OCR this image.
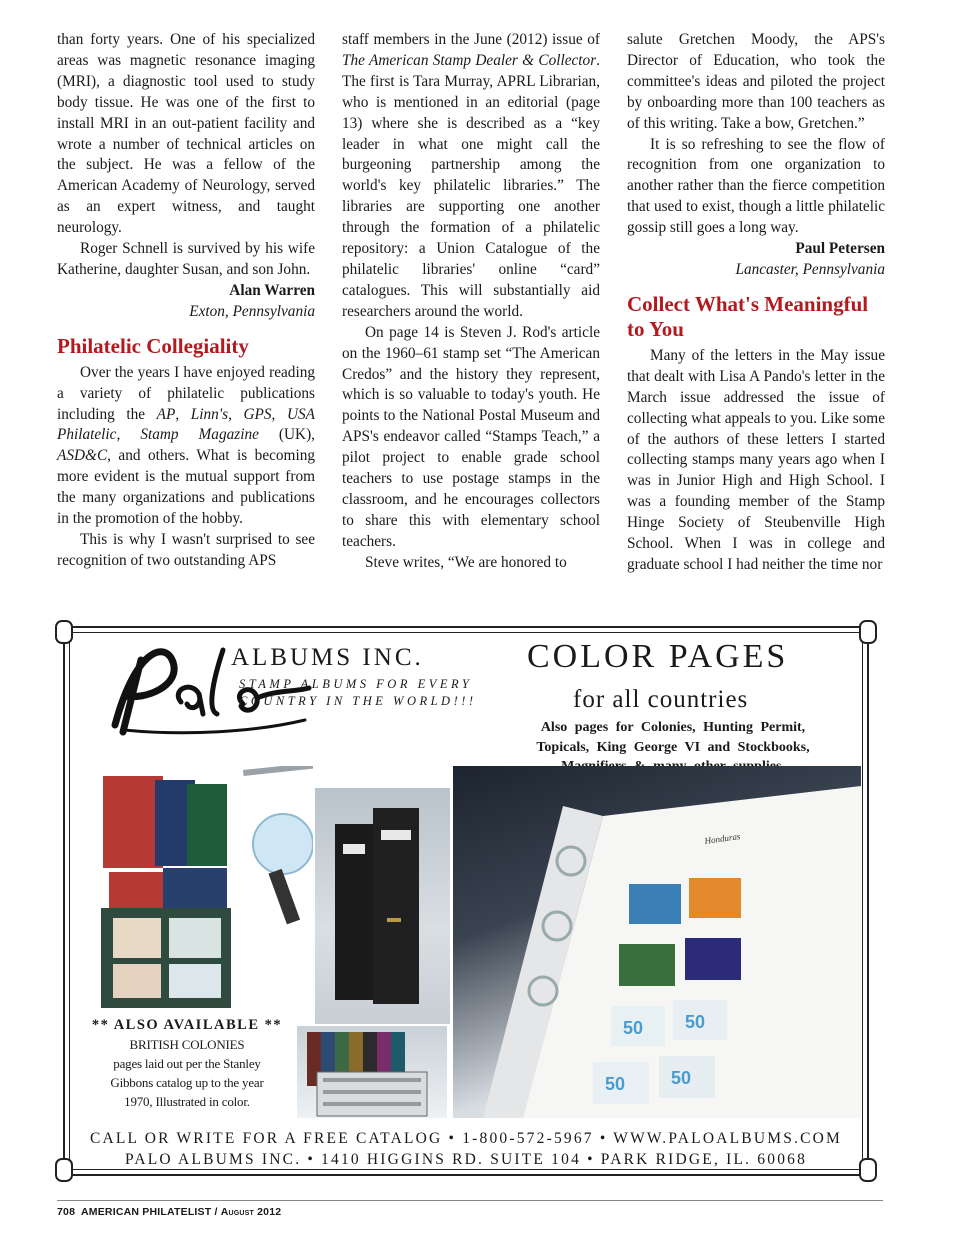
than forty years. One of his specialized areas was magnetic resonance imaging (MRI), a diagnostic tool used to study body tissue. He was one of the first to install MRI in an out-patient facility and wrote a number of technical articles on the subject. He was a fellow of the American Academy of Neurology, served as an expert witness, and taught neurology.

Roger Schnell is survived by his wife Katherine, daughter Susan, and son John.

Alan Warren

Exton, Pennsylvania

Philatelic Collegiality

Over the years I have enjoyed reading a variety of philatelic publications including the AP, Linn's, GPS, USA Philatelic, Stamp Magazine (UK), ASD&C, and others. What is becoming more evident is the mutual support from the many organizations and publications in the promotion of the hobby.

This is why I wasn't surprised to see recognition of two outstanding APS

staff members in the June (2012) issue of The American Stamp Dealer & Collector. The first is Tara Murray, APRL Librarian, who is mentioned in an editorial (page 13) where she is described as a “key leader in what one might call the burgeoning partnership among the world's key philatelic libraries.” The libraries are supporting one another through the formation of a philatelic repository: a Union Catalogue of the philatelic libraries' online “card” catalogues. This will substantially aid researchers around the world.

On page 14 is Steven J. Rod's article on the 1960–61 stamp set “The American Credos” and the history they represent, which is so valuable to today's youth. He points to the National Postal Museum and APS's endeavor called “Stamps Teach,” a pilot project to enable grade school teachers to use postage stamps in the classroom, and he encourages collectors to share this with elementary school teachers.

Steve writes, “We are honored to

salute Gretchen Moody, the APS's Director of Education, who took the committee's ideas and piloted the project by onboarding more than 100 teachers as of this writing. Take a bow, Gretchen.”

It is so refreshing to see the flow of recognition from one organization to another rather than the fierce competition that used to exist, though a little philatelic gossip still goes a long way.

Paul Petersen

Lancaster, Pennsylvania

Collect What's Meaningful to You

Many of the letters in the May issue that dealt with Lisa A Pando's letter in the March issue addressed the issue of collecting what appeals to you. Like some of the authors of these letters I started collecting stamps many years ago when I was in Junior High and High School. I was a founding member of the Stamp Hinge Society of Steubenville High School. When I was in college and graduate school I had neither the time nor

ALBUMS INC.
STAMP ALBUMS FOR EVERY
COUNTRY IN THE WORLD!!!
COLOR PAGES
for all countries
Also pages for Colonies, Hunting Permit,
Topicals, King George VI and Stockbooks,
50 50
50	50
Honduras
** ALSO AVAILABLE **
BRITISH COLONIES
pages laid out per the Stanley
Gibbons catalog up to the year
1970, Illustrated in color.
CALL OR WRITE FOR A FREE CATALOG • 1-800-572-5967 • WWW.PALOALBUMS.COM
PALO ALBUMS INC. • 1410 HIGGINS RD. SUITE 104 • PARK RIDGE, IL. 60068
708 AMERICAN PHILATELIST / August 2012
